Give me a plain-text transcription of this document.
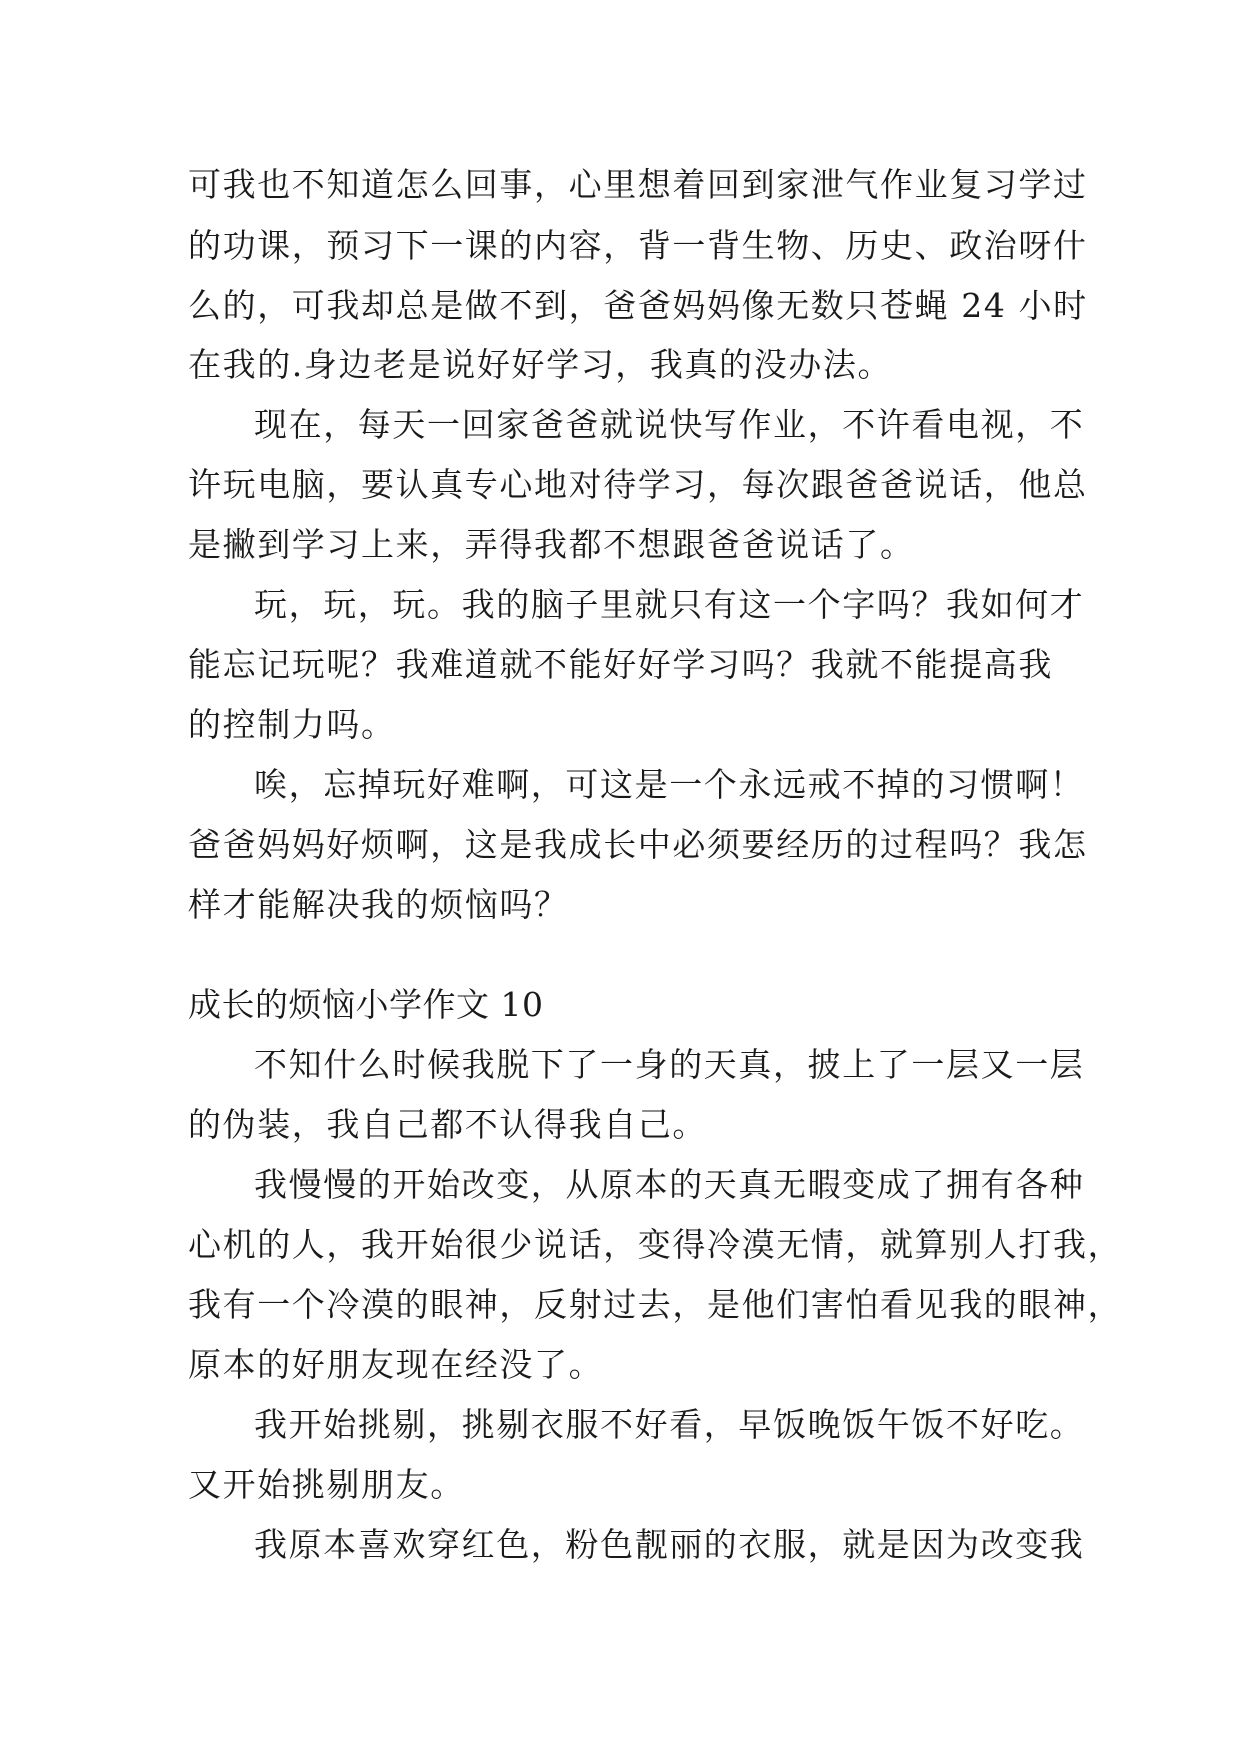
可我也不知道怎么回事，心里想着回到家泄气作业复习学过
的功课，预习下一课的内容，背一背生物、历史、政治呀什
么的，可我却总是做不到，爸爸妈妈像无数只苍蝇 24 小时
在我的.身边老是说好好学习，我真的没办法。
现在，每天一回家爸爸就说快写作业，不许看电视，不
许玩电脑，要认真专心地对待学习，每次跟爸爸说话，他总
是撇到学习上来，弄得我都不想跟爸爸说话了。
玩，玩，玩。我的脑子里就只有这一个字吗？我如何才
能忘记玩呢？我难道就不能好好学习吗？我就不能提高我
的控制力吗。
唉，忘掉玩好难啊，可这是一个永远戒不掉的习惯啊！
爸爸妈妈好烦啊，这是我成长中必须要经历的过程吗？我怎
样才能解决我的烦恼吗？
成长的烦恼小学作文 10
不知什么时候我脱下了一身的天真，披上了一层又一层
的伪装，我自己都不认得我自己。
我慢慢的开始改变，从原本的天真无暇变成了拥有各种
心机的人，我开始很少说话，变得冷漠无情，就算别人打我，
我有一个冷漠的眼神，反射过去，是他们害怕看见我的眼神，
原本的好朋友现在经没了。
我开始挑剔，挑剔衣服不好看，早饭晚饭午饭不好吃。
又开始挑剔朋友。
我原本喜欢穿红色，粉色靓丽的衣服，就是因为改变我
